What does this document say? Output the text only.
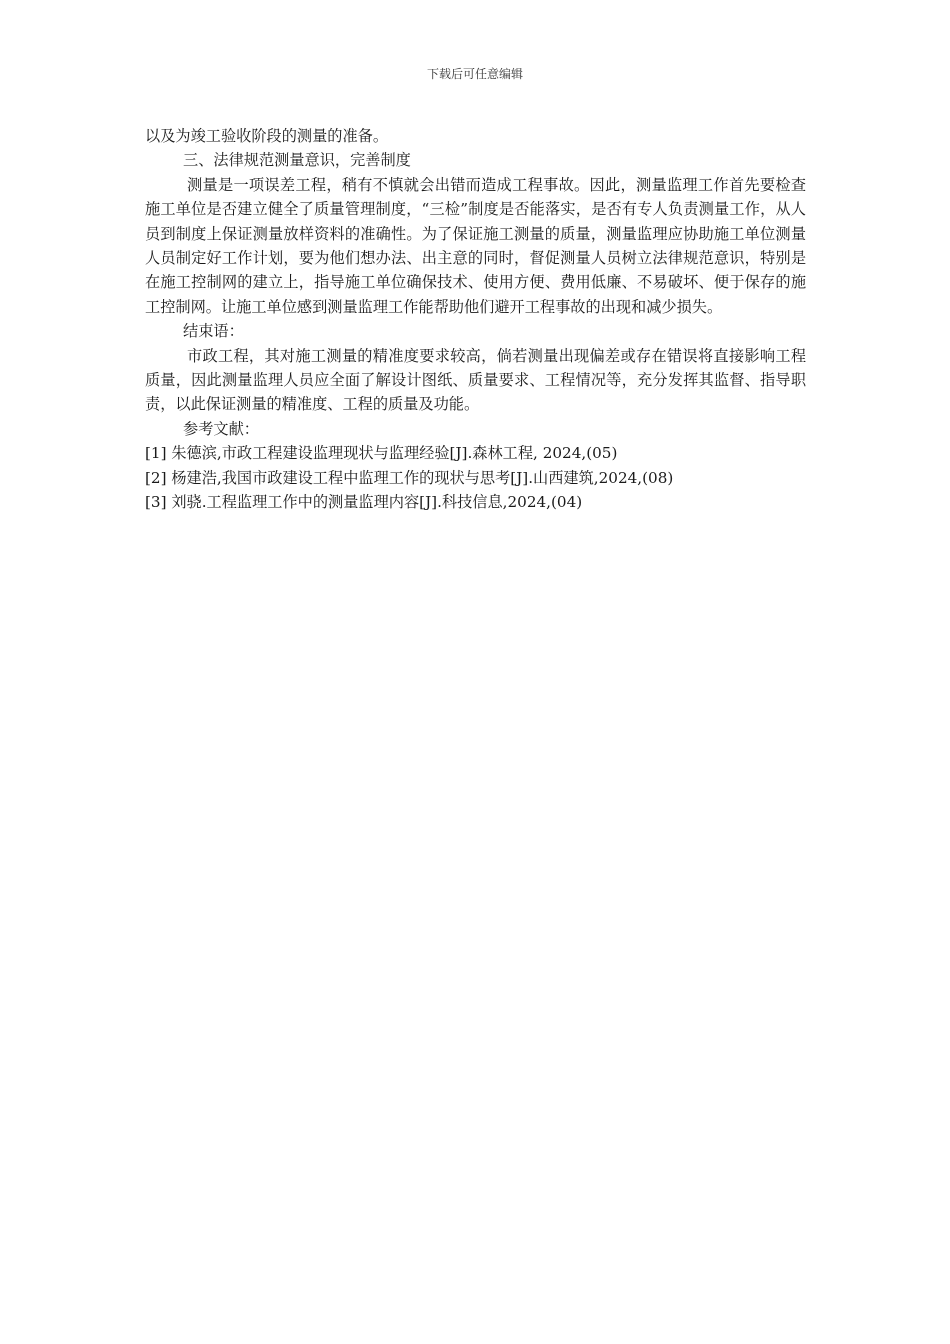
下载后可任意编辑

以及为竣工验收阶段的测量的准备。

三、法律规范测量意识，完善制度

测量是一项误差工程，稍有不慎就会出错而造成工程事故。因此，测量监理工作首先要检查施工单位是否建立健全了质量管理制度，“三检”制度是否能落实，是否有专人负责测量工作，从人员到制度上保证测量放样资料的准确性。为了保证施工测量的质量，测量监理应协助施工单位测量人员制定好工作计划，要为他们想办法、出主意的同时，督促测量人员树立法律规范意识，特别是在施工控制网的建立上，指导施工单位确保技术、使用方便、费用低廉、不易破坏、便于保存的施工控制网。让施工单位感到测量监理工作能帮助他们避开工程事故的出现和减少损失。

结束语：

市政工程，其对施工测量的精准度要求较高，倘若测量出现偏差或存在错误将直接影响工程质量，因此测量监理人员应全面了解设计图纸、质量要求、工程情况等，充分发挥其监督、指导职责，以此保证测量的精准度、工程的质量及功能。

参考文献：

[1] 朱德滨,市政工程建设监理现状与监理经验[J].森林工程, 2024,(05)

[2] 杨建浩,我国市政建设工程中监理工作的现状与思考[J].山西建筑,2024,(08)

[3] 刘骁.工程监理工作中的测量监理内容[J].科技信息,2024,(04)
